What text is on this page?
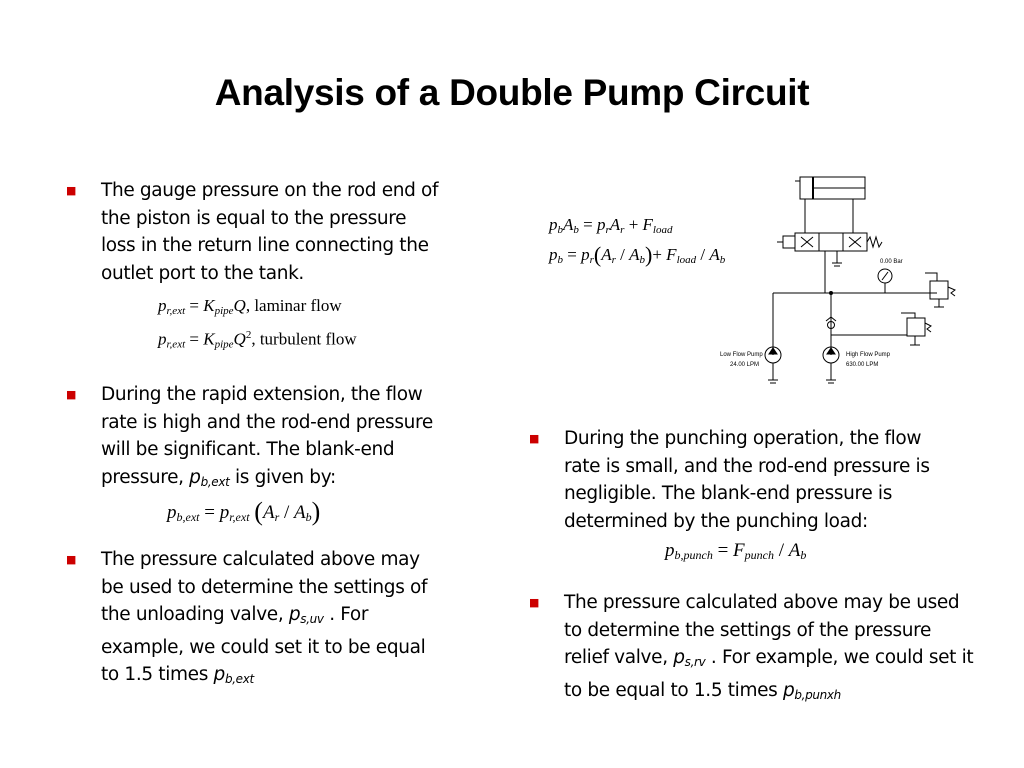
Analysis of a Double Pump Circuit
■ The gauge pressure on the rod end of the piston is equal to the pressure loss in the return line connecting the outlet port to the tank.
$p_{r,ext} = K_{pipe}Q$, laminar flow
$p_{r,ext} = K_{pipe}Q^2$, turbulent flow
■ During the rapid extension, the flow rate is high and the rod-end pressure will be significant. The blank-end pressure, pb,ext is given by:
$p_{b,ext} = p_{r,ext}$ $(A_r / A_b)$
■ The pressure calculated above may be used to determine the settings of the unloading valve, ps,uv . For example, we could set it to be equal to 1.5 times pb,ext
$p_bA_b = p_rA_r + F_{load}$
$p_b = p_r(A_r / A_b)+ F_{load} / A_b$	0.00 Bar
Low Flow Pump
24.00 LPM
High Flow Pump
630.00 LPM
■ During the punching operation, the flow rate is small, and the rod-end pressure is negligible. The blank-end pressure is determined by the punching load:
$p_{b,punch} = F_{punch} / A_b$
■ The pressure calculated above may be used to determine the settings of the pressure relief valve, ps,rv . For example, we could set it to be equal to 1.5 times pb,punxh
